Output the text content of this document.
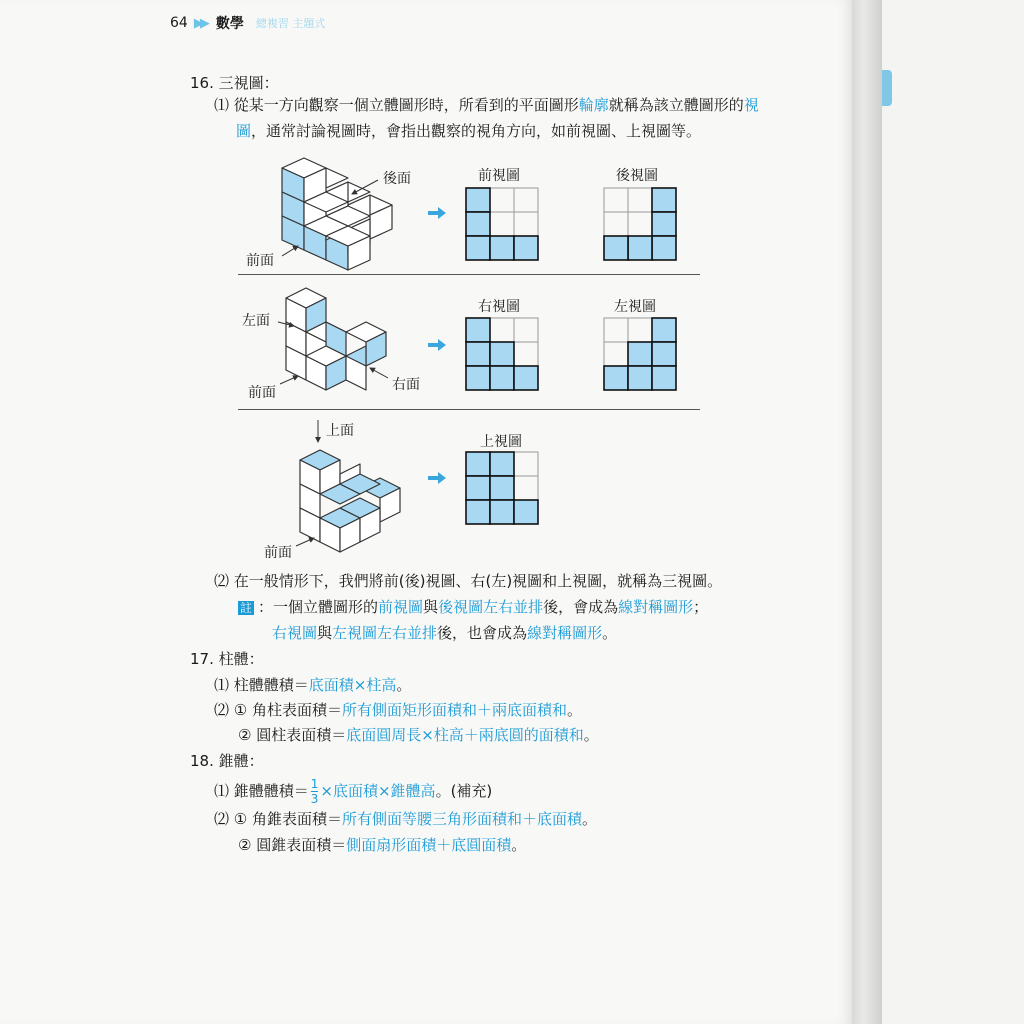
64 ▶▶ 數學 總複習 主題式
16. 三視圖：
⑴ 從某一方向觀察一個立體圖形時，所看到的平面圖形輪廓就稱為該立體圖形的視
圖，通常討論視圖時，會指出觀察的視角方向，如前視圖、上視圖等。
後面
前面
前視圖	後視圖
左面
前面	右面
右視圖	左視圖
上面
前面
上視圖
⑵ 在一般情形下，我們將前(後)視圖、右(左)視圖和上視圖，就稱為三視圖。
註 ：一個立體圖形的前視圖與後視圖左右並排後，會成為線對稱圖形；
右視圖與左視圖左右並排後，也會成為線對稱圖形。
17. 柱體：
⑴ 柱體體積＝底面積×柱高。
⑵ ① 角柱表面積＝所有側面矩形面積和＋兩底面積和。
② 圓柱表面積＝底面圓周長×柱高＋兩底圓的面積和。
18. 錐體：
⑴ 錐體體積＝ $\frac{1}{3}$ ×底面積×錐體高。(補充)
⑵ ① 角錐表面積＝所有側面等腰三角形面積和＋底面積。
② 圓錐表面積＝側面扇形面積＋底圓面積。
